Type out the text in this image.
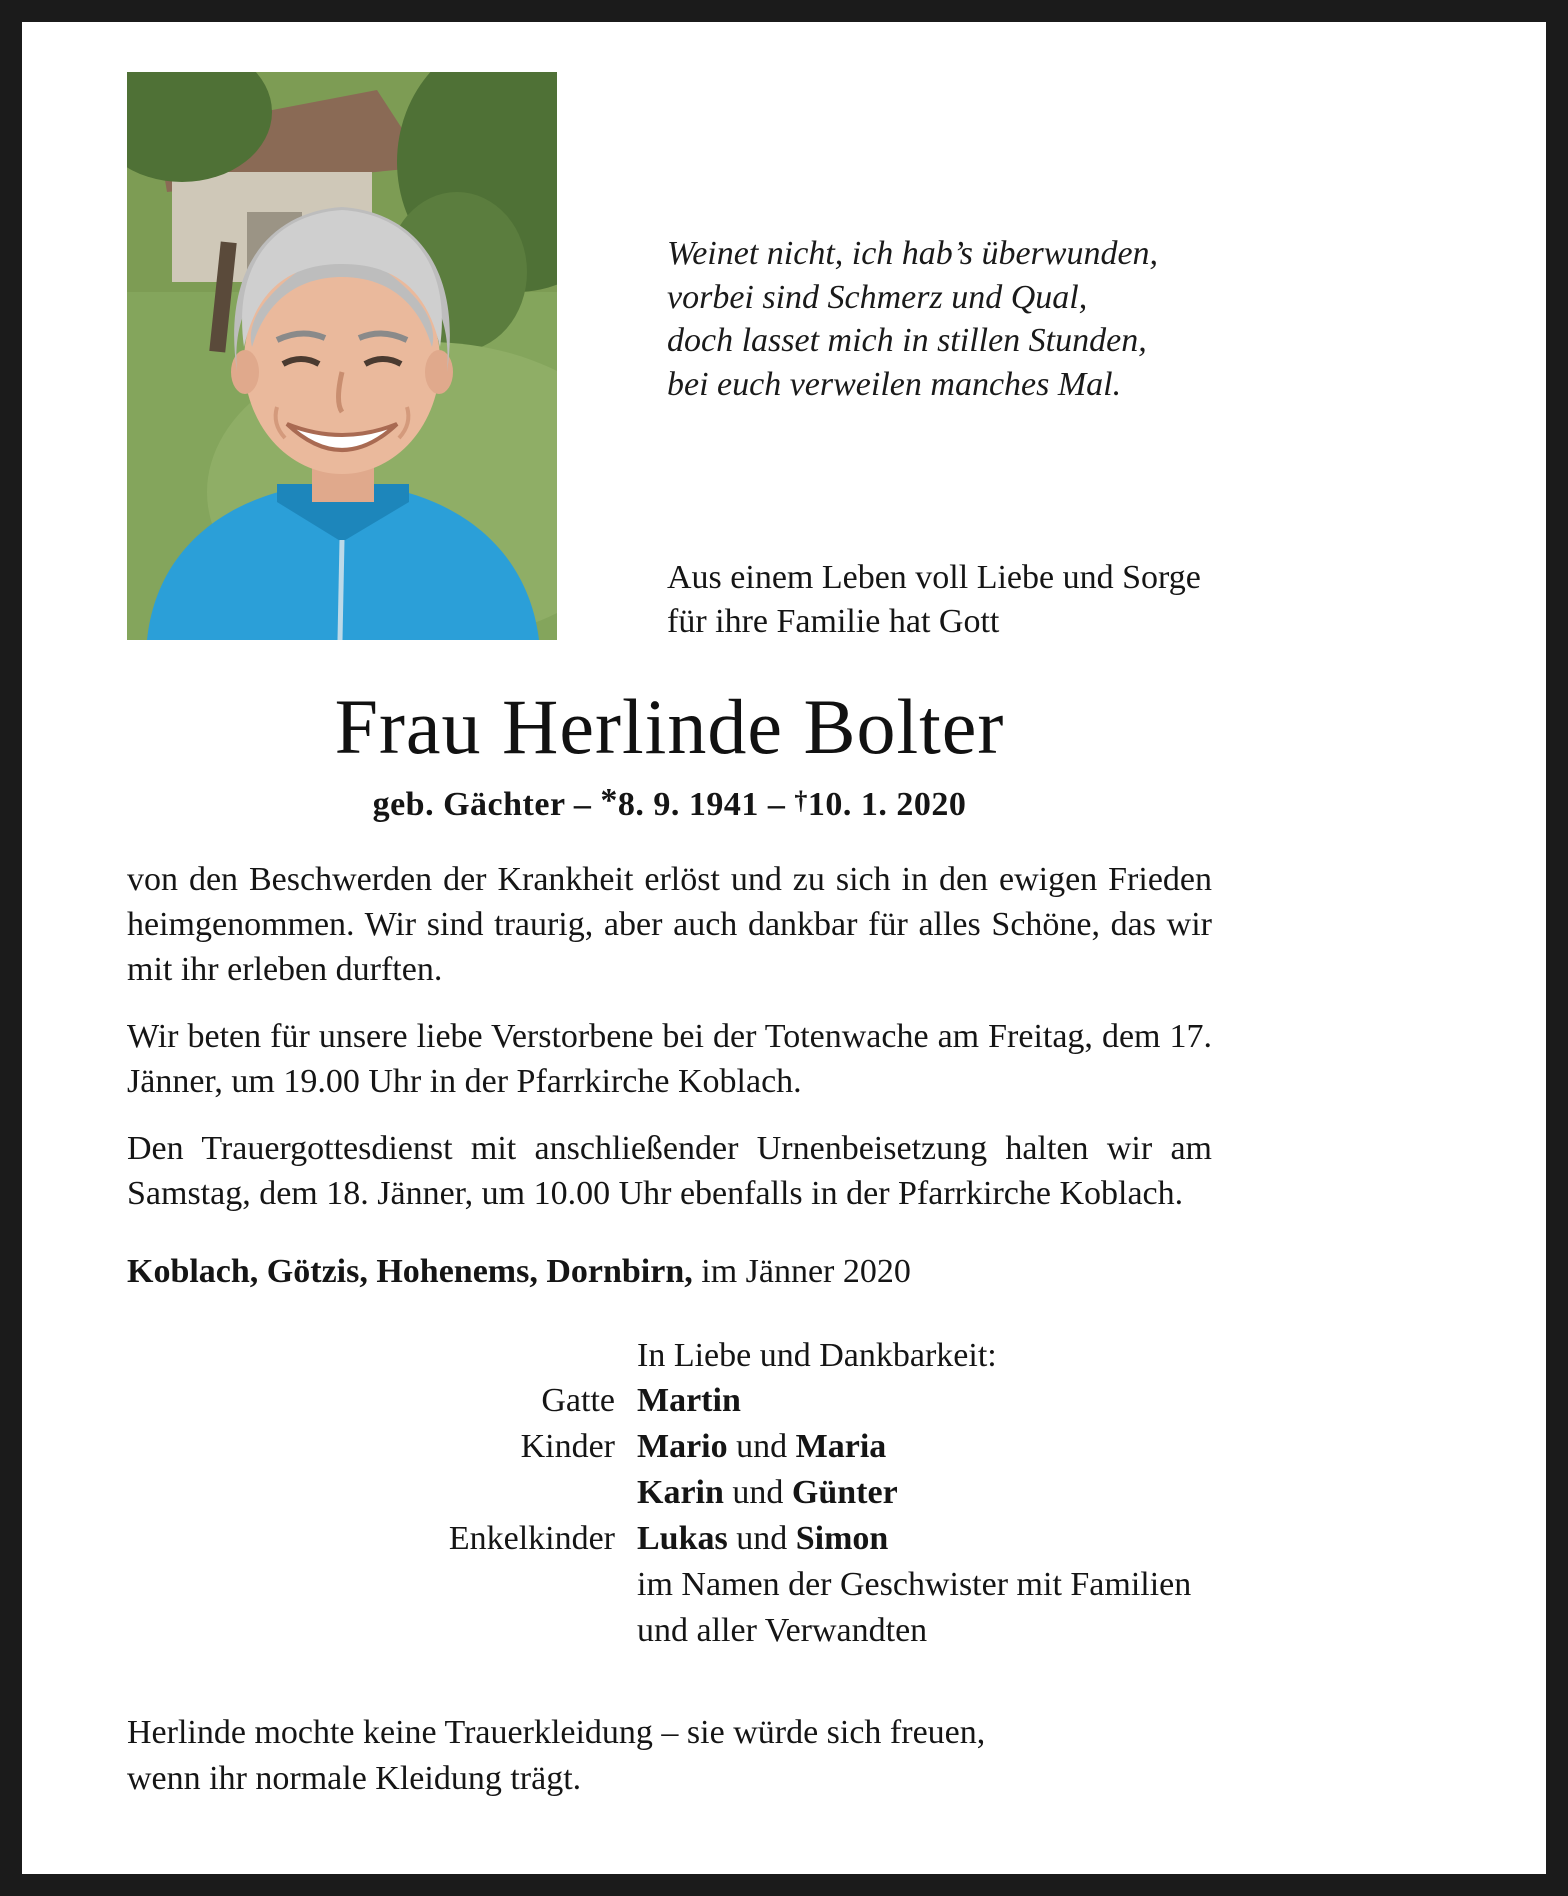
Weinet nicht, ich hab’s überwunden,
vorbei sind Schmerz und Qual,
doch lasset mich in stillen Stunden,
bei euch verweilen manches Mal.
Aus einem Leben voll Liebe und Sorge
für ihre Familie hat Gott
Frau Herlinde Bolter
geb. Gächter – *8. 9. 1941 – †10. 1. 2020

von den Beschwerden der Krankheit erlöst und zu sich in den ewigen Frieden heimgenommen. Wir sind traurig, aber auch dankbar für alles Schöne, das wir mit ihr erleben durften.

Wir beten für unsere liebe Verstorbene bei der Totenwache am Freitag, dem 17. Jänner, um 19.00 Uhr in der Pfarrkirche Koblach.

Den Trauergottesdienst mit anschließender Urnenbeisetzung halten wir am Samstag, dem 18. Jänner, um 10.00 Uhr ebenfalls in der Pfarrkirche Koblach.

Koblach, Götzis, Hohenems, Dornbirn, im Jänner 2020
In Liebe und Dankbarkeit:
Gatte Martin
Kinder Mario und Maria
Karin und Günter
Enkelkinder Lukas und Simon
im Namen der Geschwister mit Familien
und aller Verwandten
Herlinde mochte keine Trauerkleidung – sie würde sich freuen,
wenn ihr normale Kleidung trägt.
